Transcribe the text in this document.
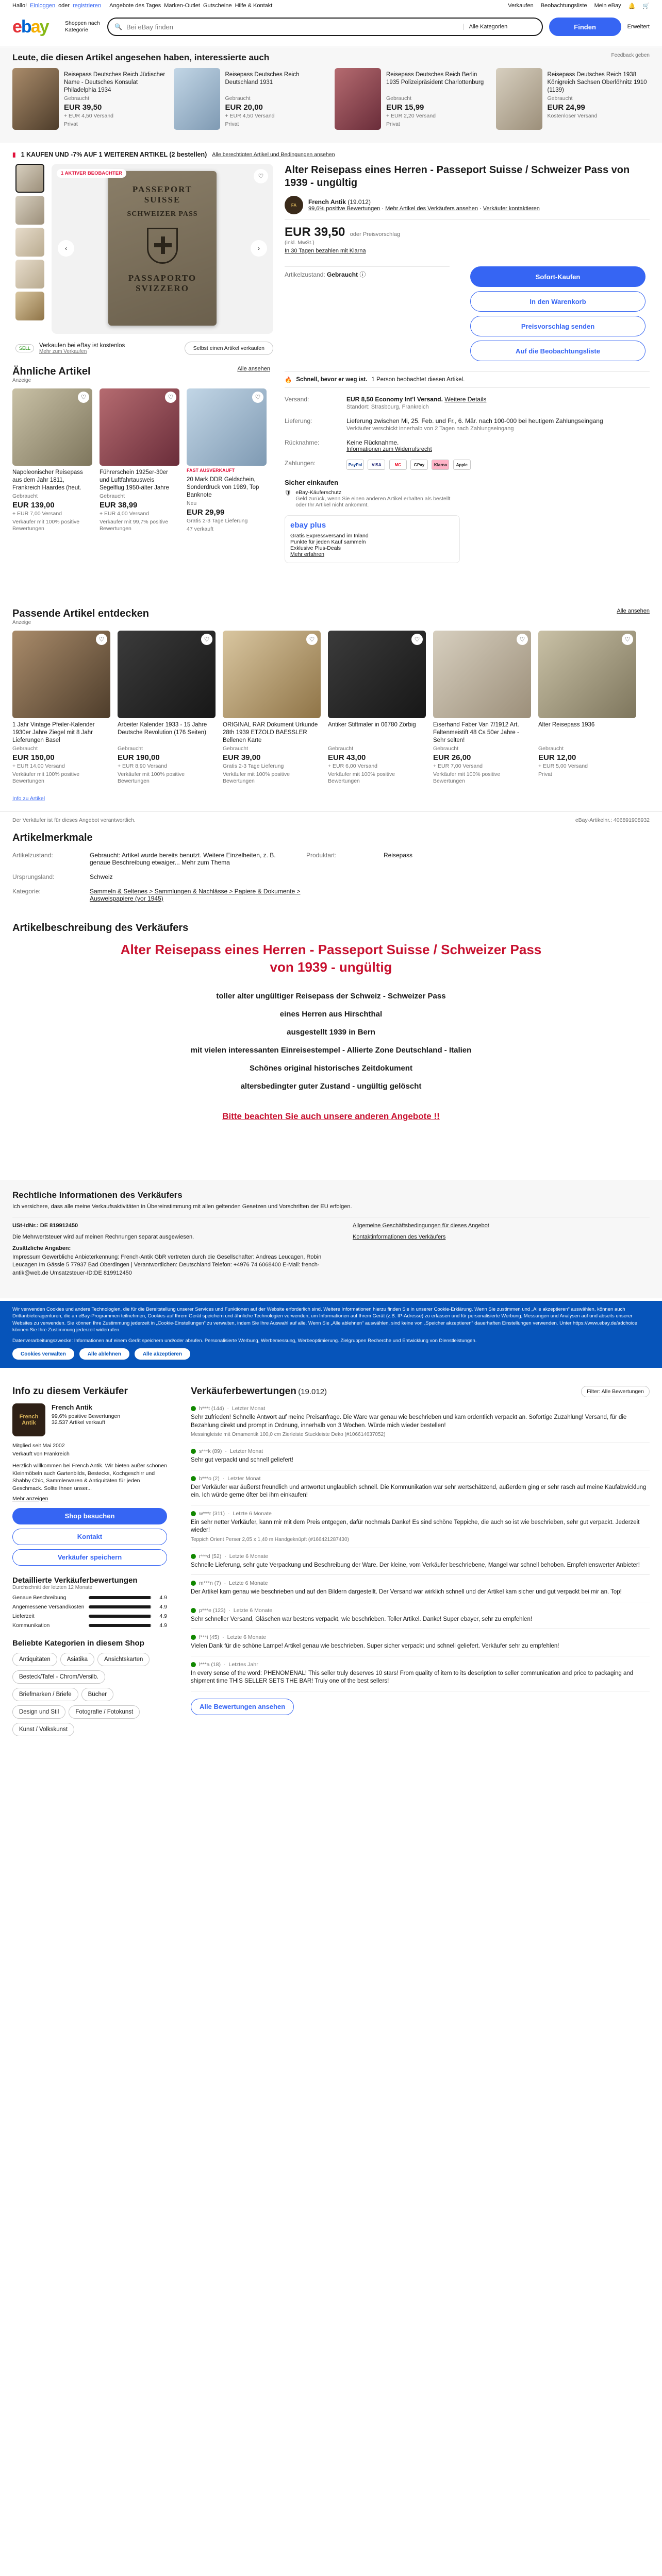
Hallo! Einloggen oder registrieren Angebote des Tages Marken-Outlet Gutscheine Hilfe & Kontakt	Verkaufen Beobachtungsliste Mein eBay 🔔 🛒
ebay	Shoppen nach Kategorie	🔍
Bei eBay finden	Alle Kategorien	Finden	Erweitert
Leute, die diesen Artikel angesehen haben, interessierte auch	Feedback geben
Reisepass Deutsches Reich Jüdischer Name - Deutsches Konsulat Philadelphia 1934
Gebraucht
EUR 39,50
+ EUR 4,50 Versand
Privat
Reisepass Deutsches Reich Deutschland 1931
Gebraucht
EUR 20,00
+ EUR 4,50 Versand
Privat
Reisepass Deutsches Reich Berlin 1935 Polizeipräsident Charlottenburg
Gebraucht
EUR 15,99
+ EUR 2,20 Versand
Privat
Reisepass Deutsches Reich 1938 Königreich Sachsen Oberlöhnitz 1910 (1139)
Gebraucht
EUR 24,99
Kostenloser Versand
▮ 1 KAUFEN UND -7% AUF 1 WEITEREN ARTIKEL (2 bestellen) Alle berechtigten Artikel und Bedingungen ansehen
1 AKTIVER BEOBACHTER
PASSEPORT
SUISSE
SCHWEIZER PASS
PASSAPORTO
SVIZZERO
‹	›
♡
SELL	Verkaufen bei eBay ist kostenlos
Mehr zum Verkaufen	Selbst einen Artikel verkaufen
Alter Reisepass eines Herren - Passeport Suisse / Schweizer Pass von 1939 - ungültig
FA	French Antik (19.012)
99,6% positive Bewertungen · Mehr Artikel des Verkäufers ansehen · Verkäufer kontaktieren
EUR 39,50 oder Preisvorschlag
(inkl. MwSt.)
In 30 Tagen bezahlen mit Klarna
Artikelzustand: Gebraucht ⓘ	Sofort-Kaufen
In den Warenkorb
Preisvorschlag senden
Auf die Beobachtungsliste
🔥 Schnell, bevor er weg ist. 1 Person beobachtet diesen Artikel.
Versand:	EUR 8,50 Economy Int'l Versand. Weitere Details
Standort: Strasbourg, Frankreich

Lieferung:	Lieferung zwischen Mi, 25. Feb. und Fr., 6. Mär. nach 100-000 bei heutigem Zahlungseingang
Verkäufer verschickt innerhalb von 2 Tagen nach Zahlungseingang

Rücknahme:	Keine Rücknahme.
Informationen zum Widerrufsrecht

Zahlungen:	PayPal VISA MC GPay Klarna Apple
Sicher einkaufen
🛡 eBay-Käuferschutz
Geld zurück, wenn Sie einen anderen Artikel erhalten als bestellt oder Ihr Artikel nicht ankommt.
ebay plus
Gratis Expressversand im Inland
Punkte für jeden Kauf sammeln
Exklusive Plus-Deals
Mehr erfahren
Ähnliche Artikel
Anzeige
Alle ansehen
♡
Napoleonischer Reisepass aus dem Jahr 1811, Frankreich Haardes (heut.
Gebraucht
EUR 139,00
+ EUR 7,00 Versand
Verkäufer mit 100% positive Bewertungen
♡
Führerschein 1925er-30er und Luftfahrtausweis Segelflug 1950-älter Jahre
Gebraucht
EUR 38,99
+ EUR 4,00 Versand
Verkäufer mit 99,7% positive Bewertungen
♡
FAST AUSVERKAUFT
20 Mark DDR Geldschein, Sonderdruck von 1989, Top Banknote
Neu
EUR 29,99
Gratis 2-3 Tage Lieferung
47 verkauft
Passende Artikel entdecken
Anzeige
Alle ansehen
♡
1 Jahr Vintage Pfeiler-Kalender 1930er Jahre Ziegel mit 8 Jahr Lieferungen Basel
Gebraucht
EUR 150,00
+ EUR 14,00 Versand
Verkäufer mit 100% positive Bewertungen
♡
Arbeiter Kalender 1933 - 15 Jahre Deutsche Revolution (176 Seiten)
Gebraucht
EUR 190,00
+ EUR 8,90 Versand
Verkäufer mit 100% positive Bewertungen
♡
ORIGINAL RAR Dokument Urkunde 28th 1939 ETZOLD BAESSLER Bellenen Karte
Gebraucht
EUR 39,00
Gratis 2-3 Tage Lieferung
Verkäufer mit 100% positive Bewertungen
♡
Antiker Stiftmaler in 06780 Zörbig
Gebraucht
EUR 43,00
+ EUR 6,00 Versand
Verkäufer mit 100% positive Bewertungen
♡
Eiserhand Faber Van 7/1912 Art. Faltenmeistift 48 Cs 50er Jahre - Sehr selten!
Gebraucht
EUR 26,00
+ EUR 7,00 Versand
Verkäufer mit 100% positive Bewertungen
♡
Alter Reisepass 1936
Gebraucht
EUR 12,00
+ EUR 5,00 Versand
Privat
Info zu Artikel
Der Verkäufer ist für dieses Angebot verantwortlich.	eBay-Artikelnr.: 406891908932
Artikelmerkmale
Artikelzustand:	Gebraucht: Artikel wurde bereits benutzt. Weitere Einzelheiten, z. B. genaue Beschreibung etwaiger... Mehr zum Thema	Produktart:	Reisepass
Ursprungsland:	Schweiz		
Kategorie:	Sammeln & Seltenes > Sammlungen & Nachlässe > Papiere & Dokumente > Ausweispapiere (vor 1945)		
Artikelbeschreibung des Verkäufers
Alter Reisepass eines Herren - Passeport Suisse / Schweizer Pass von 1939 - ungültig
toller alter ungültiger Reisepass der Schweiz - Schweizer Pass
eines Herren aus Hirschthal
ausgestellt 1939 in Bern
mit vielen interessanten Einreisestempel - Allierte Zone Deutschland - Italien
Schönes original historisches Zeitdokument
altersbedingter guter Zustand - ungültig gelöscht
Bitte beachten Sie auch unsere anderen Angebote !!
Rechtliche Informationen des Verkäufers
Ich versichere, dass alle meine Verkaufsaktivitäten in Übereinstimmung mit allen geltenden Gesetzen und Vorschriften der EU erfolgen.
USt-IdNr.: DE 819912450
Die Mehrwertsteuer wird auf meinen Rechnungen separat ausgewiesen.
Zusätzliche Angaben:
Impressum Gewerbliche Anbieterkennung: French-Antik GbR vertreten durch die Gesellschafter: Andreas Leucagen, Robin Leucagen Im Gässle 5 77937 Bad Oberdingen | Verantwortlichen: Deutschland Telefon: +4976 74 6068400 E-Mail: french-antik@web.de Umsatzsteuer-ID:DE 819912450
Allgemeine Geschäftsbedingungen für dieses Angebot
Kontaktinformationen des Verkäufers
Wir verwenden Cookies und andere Technologien, die für die Bereitstellung unserer Services und Funktionen auf der Website erforderlich sind. Weitere Informationen hierzu finden Sie in unserer Cookie-Erklärung. Wenn Sie zustimmen und „Alle akzeptieren“ auswählen, können auch Drittanbieteragenturen, die an eBay-Programmen teilnehmen, Cookies auf Ihrem Gerät speichern und ähnliche Technologien verwenden, um Informationen auf Ihrem Gerät (z.B. IP-Adresse) zu erfassen und für personalisierte Werbung, Messungen und Analysen auf und abseits unserer Websites zu verwenden. Sie können Ihre Zustimmung jederzeit in „Cookie-Einstellungen“ zu verwalten, indem Sie Ihre Auswahl auf alle. Wenn Sie „Alle ablehnen“ auswählen, sind keine von „Speicher akzeptieren“ dauerhaften Einstellungen verwenden. Unter https://www.ebay.de/adchoice können Sie Ihre Zustimmung jederzeit widerrufen.
Datenverarbeitungszwecke: Informationen auf einem Gerät speichern und/oder abrufen. Personalisierte Werbung, Werbemessung, Werbeoptimierung. Zielgruppen Recherche und Entwicklung von Dienstleistungen.
Cookies verwalten	Alle ablehnen	Alle akzeptieren
Info zu diesem Verkäufer
French
Antik
French Antik
99,6% positive Bewertungen
32.537 Artikel verkauft
Mitglied seit Mai 2002
Verkauft von Frankreich
Herzlich willkommen bei French Antik. Wir bieten außer schönen Kleinmöbeln auch Gartenbilds, Bestecks, Kochgeschirr und Shabby Chic, Sammlerwaren & Antiquitäten für jeden Geschmack. Sollte Ihnen unser...
Mehr anzeigen
Shop besuchen Kontakt Verkäufer speichern
Detaillierte Verkäuferbewertungen
Durchschnitt der letzten 12 Monate
Genaue Beschreibung	4.9
Angemessene Versandkosten	4.9
Lieferzeit	4.9
Kommunikation	4.9
Beliebte Kategorien in diesem Shop
Antiquitäten	Asiatika	AnsichtskartenBesteck/Tafel - Chrom/Versilb.Briefmarken / Briefe	BücherDesign und Stil	Fotografie / FotokunstKunst / Volkskunst
Verkäuferbewertungen (19.012)	Filter: Alle Bewertungen
h***t (144) · Letzter Monat
Sehr zufrieden! Schnelle Antwort auf meine Preisanfrage. Die Ware war genau wie beschrieben und kam ordentlich verpackt an. Sofortige Zuzahlung! Versand, für die Bezahlung direkt und prompt in Ordnung, innerhalb von 3 Wochen. Würde mich wieder bestellen!
Messingleiste mit Ornamentik 100,0 cm Zierleiste Stuckleiste Deko (#106614637052)
s***k (89) · Letzter Monat
Sehr gut verpackt und schnell geliefert!
b***o (2) · Letzter Monat
Der Verkäufer war äußerst freundlich und antwortet unglaublich schnell. Die Kommunikation war sehr wertschätzend, außerdem ging er sehr rasch auf meine Kaufabwicklung ein. Ich würde gerne öfter bei ihm einkaufen!
w***r (311) · Letzte 6 Monate
Ein sehr netter Verkäufer, kann mir mit dem Preis entgegen, dafür nochmals Danke! Es sind schöne Teppiche, die auch so ist wie beschrieben, sehr gut verpackt. Jederzeit wieder!
Teppich Orient Perser 2,05 x 1,40 m Handgeknüpft (#166421287430)
r***d (52) · Letzte 6 Monate
Schnelle Lieferung, sehr gute Verpackung und Beschreibung der Ware. Der kleine, vom Verkäufer beschriebene, Mangel war schnell behoben. Empfehlenswerter Anbieter!
m***n (7) · Letzte 6 Monate
Der Artikel kam genau wie beschrieben und auf den Bildern dargestellt. Der Versand war wirklich schnell und der Artikel kam sicher und gut verpackt bei mir an. Top!
p***e (123) · Letzte 6 Monate
Sehr schneller Versand, Gläschen war bestens verpackt, wie beschrieben. Toller Artikel. Danke! Super ebayer, sehr zu empfehlen!
f***i (45) · Letzte 6 Monate
Vielen Dank für die schöne Lampe! Artikel genau wie beschrieben. Super sicher verpackt und schnell geliefert. Verkäufer sehr zu empfehlen!
l***a (18) · Letztes Jahr
In every sense of the word: PHENOMENAL! This seller truly deserves 10 stars! From quality of item to its description to seller communication and price to packaging and shipment time THIS SELLER SETS THE BAR! Truly one of the best sellers!
Alle Bewertungen ansehen
